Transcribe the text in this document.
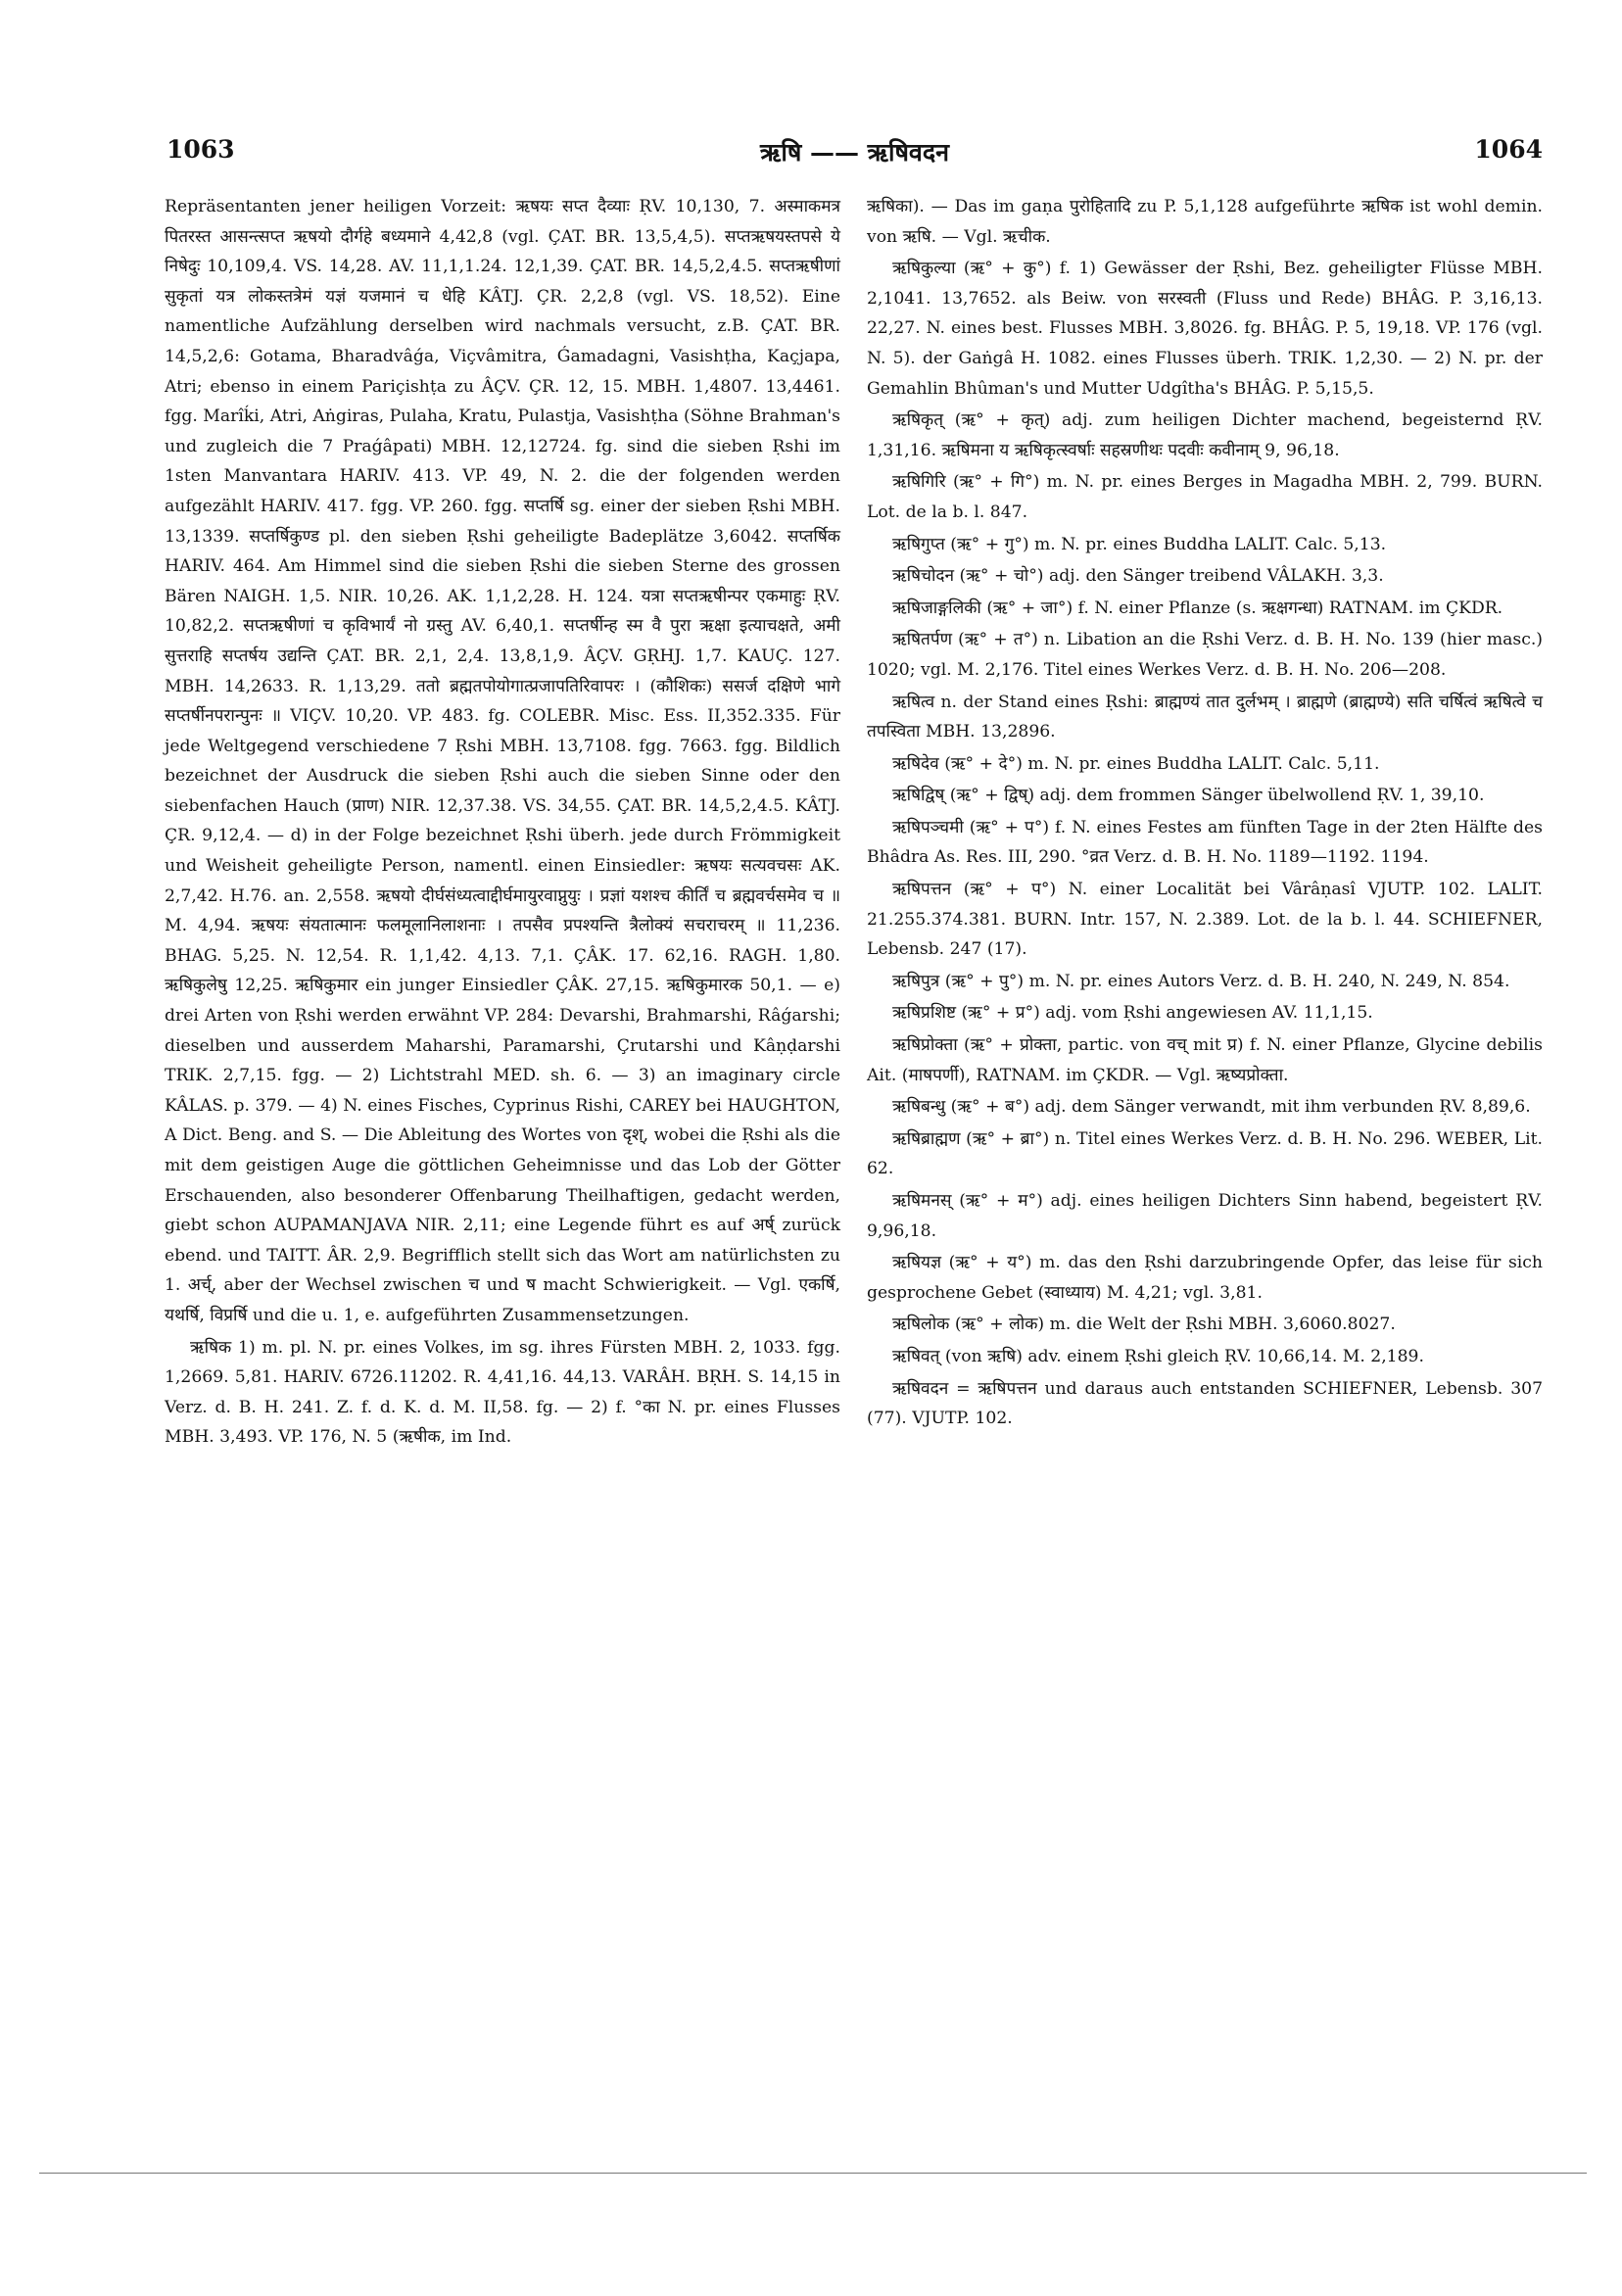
1063	ऋषि —— ऋषिवदन	1064

Repräsentanten jener heiligen Vorzeit: ऋषयः सप्त दैव्याः ṚV. 10,130, 7. अस्माकमत्र पितरस्त आसन्त्सप्त ऋषयो दौर्गहे बध्यमाने 4,42,8 (vgl. ÇAT. BR. 13,5,4,5). सप्तऋषयस्तपसे ये निषेदुः 10,109,4. VS. 14,28. AV. 11,1,1.24. 12,1,39. ÇAT. BR. 14,5,2,4.5. सप्तऋषीणां सुकृतां यत्र लोकस्तत्रेमं यज्ञं यजमानं च धेहि KÂTJ. ÇR. 2,2,8 (vgl. VS. 18,52). Eine namentliche Aufzählung derselben wird nachmals versucht, z.B. ÇAT. BR. 14,5,2,6: Gotama, Bharadvâǵa, Viçvâmitra, Ǵamadagni, Vasishṭha, Kaçjapa, Atri; ebenso in einem Pariçishṭa zu ÂÇV. ÇR. 12, 15. MBH. 1,4807. 13,4461. fgg. Marîḱi, Atri, Aṅgiras, Pulaha, Kratu, Pulastja, Vasishṭha (Söhne Brahman's und zugleich die 7 Praǵâpati) MBH. 12,12724. fg. sind die sieben Ṛshi im 1sten Manvantara HARIV. 413. VP. 49, N. 2. die der folgenden werden aufgezählt HARIV. 417. fgg. VP. 260. fgg. सप्तर्षि sg. einer der sieben Ṛshi MBH. 13,1339. सप्तर्षिकुण्ड pl. den sieben Ṛshi geheiligte Badeplätze 3,6042. सप्तर्षिक HARIV. 464. Am Himmel sind die sieben Ṛshi die sieben Sterne des grossen Bären NAIGH. 1,5. NIR. 10,26. AK. 1,1,2,28. H. 124. यत्रा सप्तऋषीन्पर एकमाहुः ṚV. 10,82,2. सप्तऋषीणां च कृविभार्यं नो ग्रस्तु AV. 6,40,1. सप्तर्षीन्ह स्म वै पुरा ऋक्षा इत्याचक्षते, अमी सुत्तराहि सप्तर्षय उद्यन्ति ÇAT. BR. 2,1, 2,4. 13,8,1,9. ÂÇV. GṚHJ. 1,7. KAUÇ. 127. MBH. 14,2633. R. 1,13,29. ततो ब्रह्मतपोयोगात्प्रजापतिरिवापरः । (कौशिकः) ससर्ज दक्षिणे भागे सप्तर्षीनपरान्पुनः ॥ VIÇV. 10,20. VP. 483. fg. COLEBR. Misc. Ess. II,352.335. Für jede Weltgegend verschiedene 7 Ṛshi MBH. 13,7108. fgg. 7663. fgg. Bildlich bezeichnet der Ausdruck die sieben Ṛshi auch die sieben Sinne oder den siebenfachen Hauch (प्राण) NIR. 12,37.38. VS. 34,55. ÇAT. BR. 14,5,2,4.5. KÂTJ. ÇR. 9,12,4. — d) in der Folge bezeichnet Ṛshi überh. jede durch Frömmigkeit und Weisheit geheiligte Person, namentl. einen Einsiedler: ऋषयः सत्यवचसः AK. 2,7,42. H.76. an. 2,558. ऋषयो दीर्घसंध्यत्वाद्दीर्घमायुरवाप्नुयुः । प्रज्ञां यशश्च कीर्तिं च ब्रह्मवर्चसमेव च ॥ M. 4,94. ऋषयः संयतात्मानः फलमूलानिलाशनाः । तपसैव प्रपश्यन्ति त्रैलोक्यं सचराचरम् ॥ 11,236. BHAG. 5,25. N. 12,54. R. 1,1,42. 4,13. 7,1. ÇÂK. 17. 62,16. RAGH. 1,80. ऋषिकुलेषु 12,25. ऋषिकुमार ein junger Einsiedler ÇÂK. 27,15. ऋषिकुमारक 50,1. — e) drei Arten von Ṛshi werden erwähnt VP. 284: Devarshi, Brahmarshi, Râǵarshi; dieselben und ausserdem Maharshi, Paramarshi, Çrutarshi und Kâṇḍarshi TRIK. 2,7,15. fgg. — 2) Lichtstrahl MED. sh. 6. — 3) an imaginary circle KÂLAS. p. 379. — 4) N. eines Fisches, Cyprinus Rishi, CAREY bei HAUGHTON, A Dict. Beng. and S. — Die Ableitung des Wortes von दृश्, wobei die Ṛshi als die mit dem geistigen Auge die göttlichen Geheimnisse und das Lob der Götter Erschauenden, also besonderer Offenbarung Theilhaftigen, gedacht werden, giebt schon AUPAMANJAVA NIR. 2,11; eine Legende führt es auf अर्ष् zurück ebend. und TAITT. ÂR. 2,9. Begrifflich stellt sich das Wort am natürlichsten zu 1. अर्च्, aber der Wechsel zwischen च und ष macht Schwierigkeit. — Vgl. एकर्षि, यथर्षि, विप्रर्षि und die u. 1, e. aufgeführten Zusammensetzungen.

ऋषिक 1) m. pl. N. pr. eines Volkes, im sg. ihres Fürsten MBH. 2, 1033. fgg. 1,2669. 5,81. HARIV. 6726.11202. R. 4,41,16. 44,13. VARÂH. BṚH. S. 14,15 in Verz. d. B. H. 241. Z. f. d. K. d. M. II,58. fg. — 2) f. °का N. pr. eines Flusses MBH. 3,493. VP. 176, N. 5 (ऋषीक, im Ind.

ऋषिका). — Das im gaṇa पुरोहितादि zu P. 5,1,128 aufgeführte ऋषिक ist wohl demin. von ऋषि. — Vgl. ऋचीक.

ऋषिकुल्या (ऋ° + कु°) f. 1) Gewässer der Ṛshi, Bez. geheiligter Flüsse MBH. 2,1041. 13,7652. als Beiw. von सरस्वती (Fluss und Rede) BHÂG. P. 3,16,13. 22,27. N. eines best. Flusses MBH. 3,8026. fg. BHÂG. P. 5, 19,18. VP. 176 (vgl. N. 5). der Gaṅgâ H. 1082. eines Flusses überh. TRIK. 1,2,30. — 2) N. pr. der Gemahlin Bhûman's und Mutter Udgîtha's BHÂG. P. 5,15,5.

ऋषिकृत् (ऋ° + कृत्) adj. zum heiligen Dichter machend, begeisternd ṚV. 1,31,16. ऋषिमना य ऋषिकृत्स्वर्षाः सहस्रणीथः पदवीः कवीनाम् 9, 96,18.

ऋषिगिरि (ऋ° + गि°) m. N. pr. eines Berges in Magadha MBH. 2, 799. BURN. Lot. de la b. l. 847.

ऋषिगुप्त (ऋ° + गु°) m. N. pr. eines Buddha LALIT. Calc. 5,13.

ऋषिचोदन (ऋ° + चो°) adj. den Sänger treibend VÂLAKH. 3,3.

ऋषिजाङ्गलिकी (ऋ° + जा°) f. N. einer Pflanze (s. ऋक्षगन्धा) RATNAM. im ÇKDR.

ऋषितर्पण (ऋ° + त°) n. Libation an die Ṛshi Verz. d. B. H. No. 139 (hier masc.) 1020; vgl. M. 2,176. Titel eines Werkes Verz. d. B. H. No. 206—208.

ऋषित्व n. der Stand eines Ṛshi: ब्राह्मण्यं तात दुर्लभम् । ब्राह्मणे (ब्राह्मण्ये) सति चर्षित्वं ऋषित्वे च तपस्विता MBH. 13,2896.

ऋषिदेव (ऋ° + दे°) m. N. pr. eines Buddha LALIT. Calc. 5,11.

ऋषिद्विष् (ऋ° + द्विष्) adj. dem frommen Sänger übelwollend ṚV. 1, 39,10.

ऋषिपञ्चमी (ऋ° + प°) f. N. eines Festes am fünften Tage in der 2ten Hälfte des Bhâdra As. Res. III, 290. °व्रत Verz. d. B. H. No. 1189—1192. 1194.

ऋषिपत्तन (ऋ° + प°) N. einer Localität bei Vârâṇasî VJUTP. 102. LALIT. 21.255.374.381. BURN. Intr. 157, N. 2.389. Lot. de la b. l. 44. SCHIEFNER, Lebensb. 247 (17).

ऋषिपुत्र (ऋ° + पु°) m. N. pr. eines Autors Verz. d. B. H. 240, N. 249, N. 854.

ऋषिप्रशिष्ट (ऋ° + प्र°) adj. vom Ṛshi angewiesen AV. 11,1,15.

ऋषिप्रोक्ता (ऋ° + प्रोक्ता, partic. von वच् mit प्र) f. N. einer Pflanze, Glycine debilis Ait. (माषपर्णी), RATNAM. im ÇKDR. — Vgl. ऋष्यप्रोक्ता.

ऋषिबन्धु (ऋ° + ब°) adj. dem Sänger verwandt, mit ihm verbunden ṚV. 8,89,6.

ऋषिब्राह्मण (ऋ° + ब्रा°) n. Titel eines Werkes Verz. d. B. H. No. 296. WEBER, Lit. 62.

ऋषिमनस् (ऋ° + म°) adj. eines heiligen Dichters Sinn habend, begeistert ṚV. 9,96,18.

ऋषियज्ञ (ऋ° + य°) m. das den Ṛshi darzubringende Opfer, das leise für sich gesprochene Gebet (स्वाध्याय) M. 4,21; vgl. 3,81.

ऋषिलोक (ऋ° + लोक) m. die Welt der Ṛshi MBH. 3,6060.8027.

ऋषिवत् (von ऋषि) adv. einem Ṛshi gleich ṚV. 10,66,14. M. 2,189.

ऋषिवदन = ऋषिपत्तन und daraus auch entstanden SCHIEFNER, Lebensb. 307 (77). VJUTP. 102.
